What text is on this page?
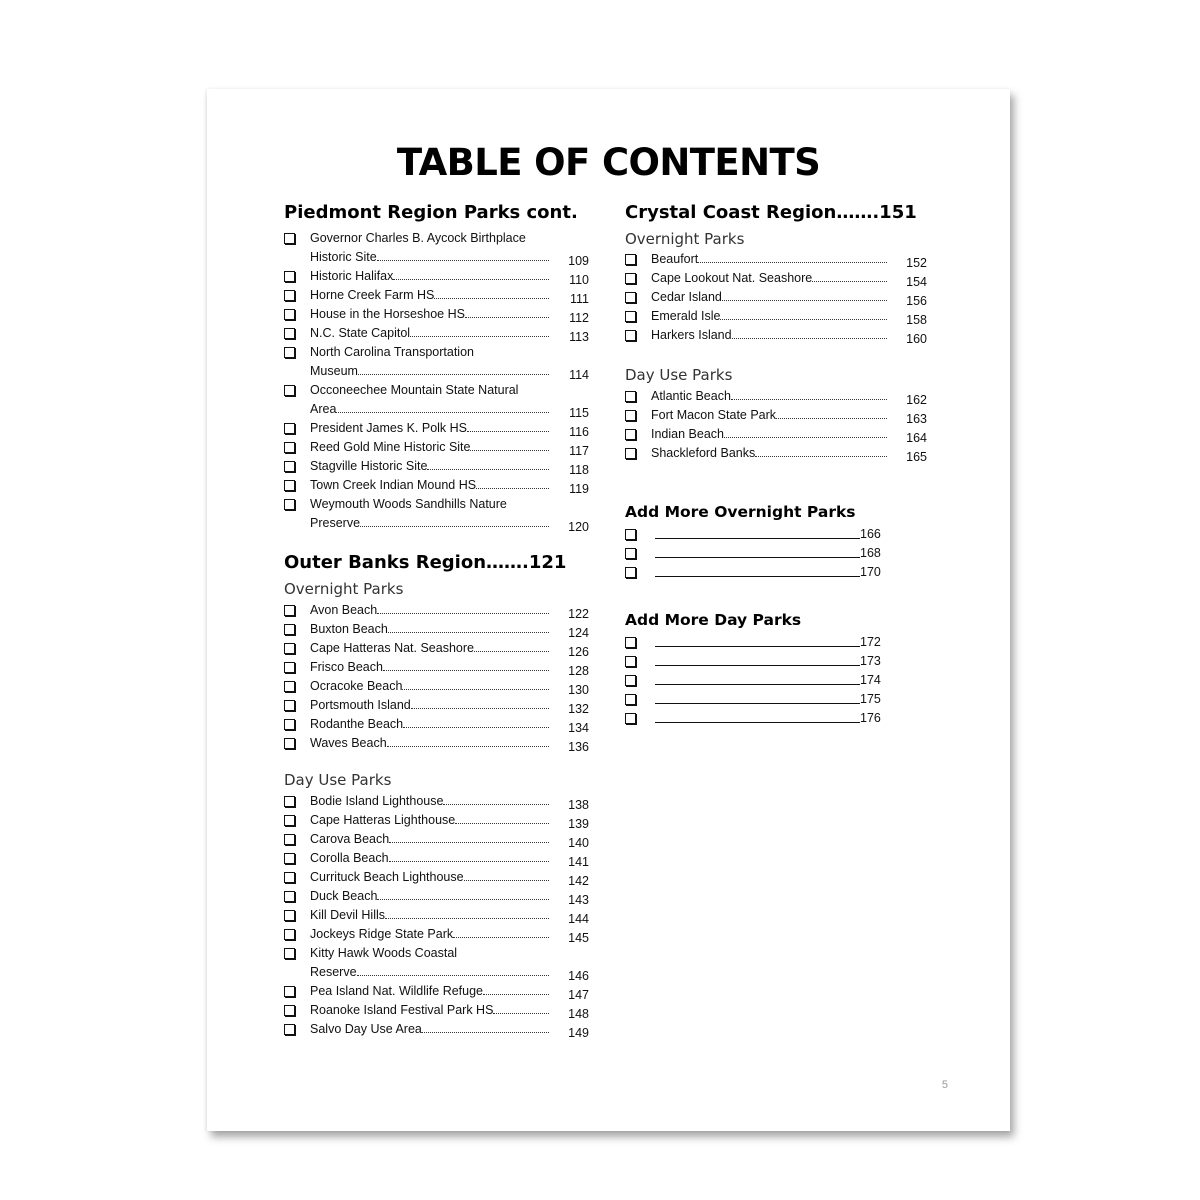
TABLE OF CONTENTS
Piedmont Region Parks cont.
Governor Charles B. Aycock Birthplace
Historic Site	109
Historic Halifax	110
Horne Creek Farm HS	111
House in the Horseshoe HS	112
N.C. State Capitol	113
North Carolina Transportation
Museum	114
Occoneechee Mountain State Natural
Area	115
President James K. Polk HS	116
Reed Gold Mine Historic Site	117
Stagville Historic Site	118
Town Creek Indian Mound HS	119
Weymouth Woods Sandhills Nature
Preserve	120
Outer Banks Region…….121
Overnight Parks
Avon Beach	122
Buxton Beach	124
Cape Hatteras Nat. Seashore	126
Frisco Beach	128
Ocracoke Beach	130
Portsmouth Island	132
Rodanthe Beach	134
Waves Beach	136
Day Use Parks
Bodie Island Lighthouse	138
Cape Hatteras Lighthouse	139
Carova Beach	140
Corolla Beach	141
Currituck Beach Lighthouse	142
Duck Beach	143
Kill Devil Hills	144
Jockeys Ridge State Park	145
Kitty Hawk Woods Coastal
Reserve	146
Pea Island Nat. Wildlife Refuge	147
Roanoke Island Festival Park HS	148
Salvo Day Use Area	149
Crystal Coast Region…….151
Overnight Parks
Beaufort	152
Cape Lookout Nat. Seashore	154
Cedar Island	156
Emerald Isle	158
Harkers Island	160
Day Use Parks
Atlantic Beach	162
Fort Macon State Park	163
Indian Beach	164
Shackleford Banks	165
Add More Overnight Parks
166
168
170
Add More Day Parks
172
173
174
175
176
5
